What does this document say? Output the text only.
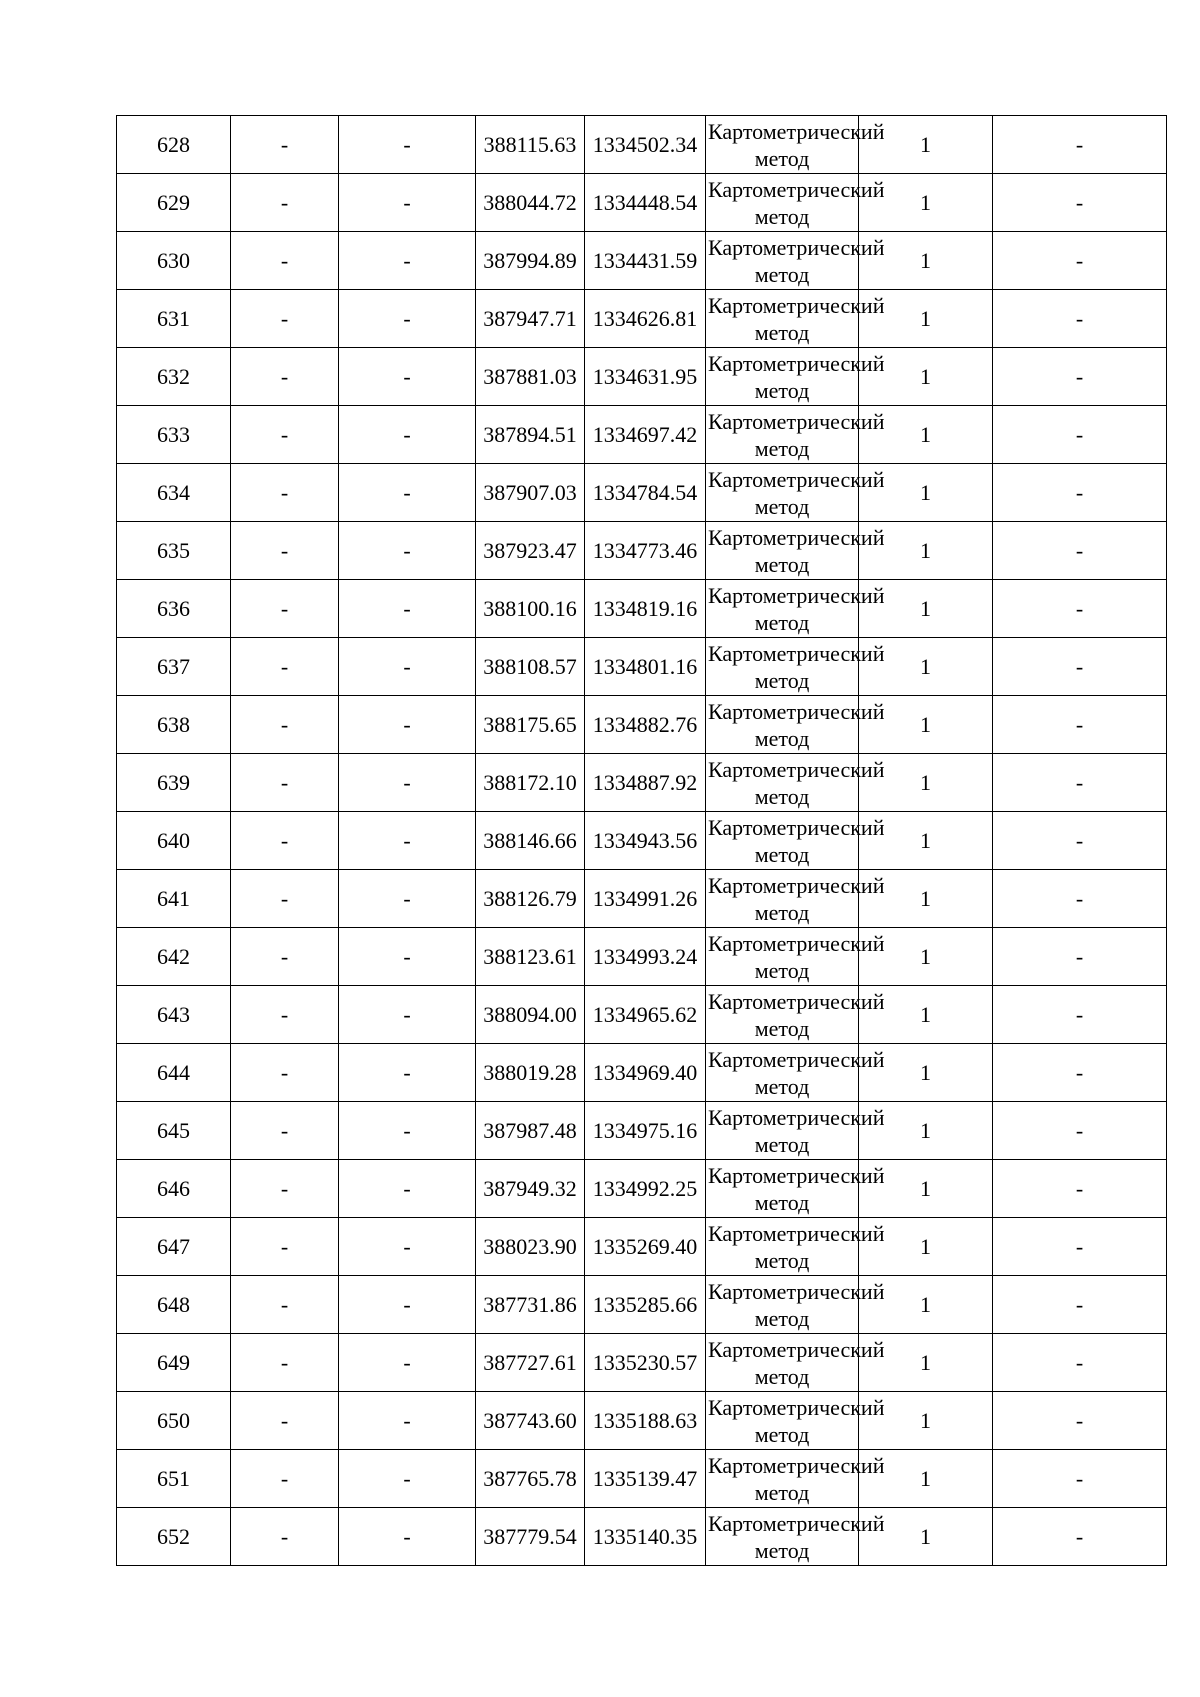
628	-	-	388115.63	1334502.34	Картометрический метод	1	-
629	-	-	388044.72	1334448.54	Картометрический метод	1	-
630	-	-	387994.89	1334431.59	Картометрический метод	1	-
631	-	-	387947.71	1334626.81	Картометрический метод	1	-
632	-	-	387881.03	1334631.95	Картометрический метод	1	-
633	-	-	387894.51	1334697.42	Картометрический метод	1	-
634	-	-	387907.03	1334784.54	Картометрический метод	1	-
635	-	-	387923.47	1334773.46	Картометрический метод	1	-
636	-	-	388100.16	1334819.16	Картометрический метод	1	-
637	-	-	388108.57	1334801.16	Картометрический метод	1	-
638	-	-	388175.65	1334882.76	Картометрический метод	1	-
639	-	-	388172.10	1334887.92	Картометрический метод	1	-
640	-	-	388146.66	1334943.56	Картометрический метод	1	-
641	-	-	388126.79	1334991.26	Картометрический метод	1	-
642	-	-	388123.61	1334993.24	Картометрический метод	1	-
643	-	-	388094.00	1334965.62	Картометрический метод	1	-
644	-	-	388019.28	1334969.40	Картометрический метод	1	-
645	-	-	387987.48	1334975.16	Картометрический метод	1	-
646	-	-	387949.32	1334992.25	Картометрический метод	1	-
647	-	-	388023.90	1335269.40	Картометрический метод	1	-
648	-	-	387731.86	1335285.66	Картометрический метод	1	-
649	-	-	387727.61	1335230.57	Картометрический метод	1	-
650	-	-	387743.60	1335188.63	Картометрический метод	1	-
651	-	-	387765.78	1335139.47	Картометрический метод	1	-
652	-	-	387779.54	1335140.35	Картометрический метод	1	-
